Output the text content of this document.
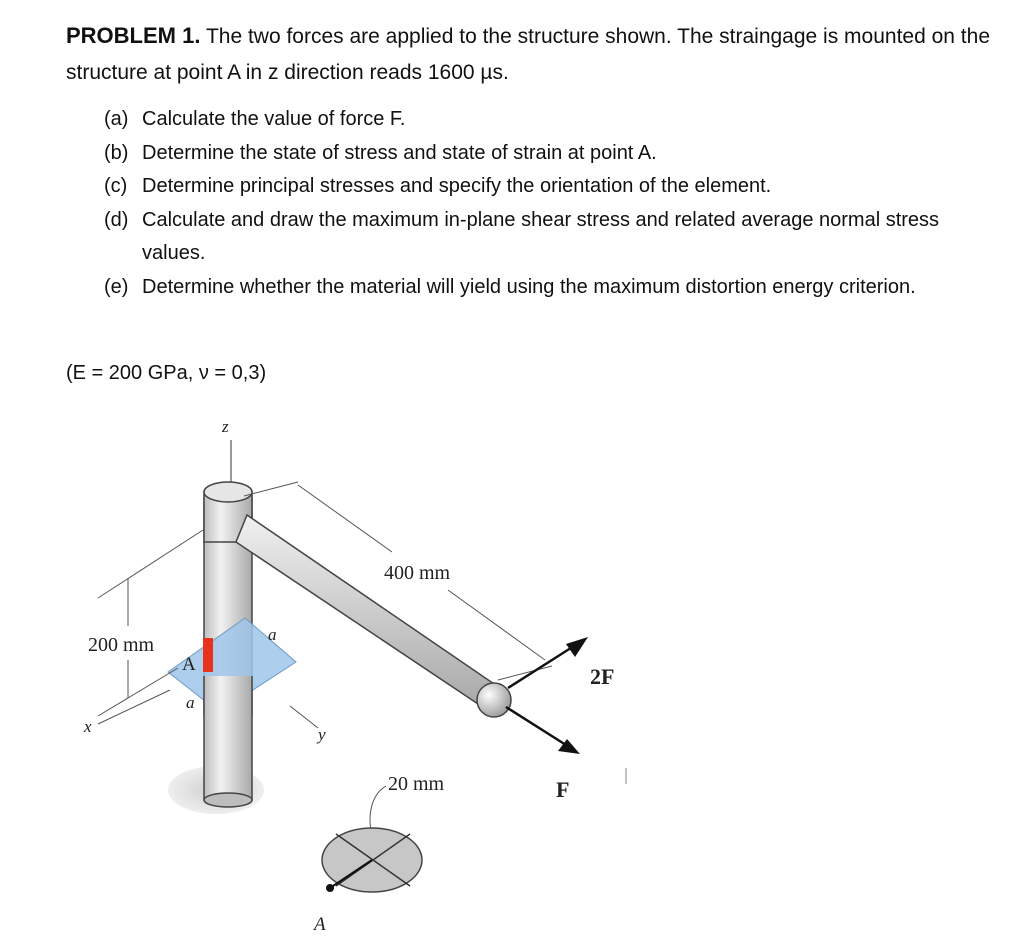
PROBLEM 1. The two forces are applied to the structure shown. The straingage is mounted on the structure at point A in z direction reads 1600 µs.
(a) Calculate the value of force F.
(b) Determine the state of stress and state of strain at point A.
(c) Determine principal stresses and specify the orientation of the element.
(d) Calculate and draw the maximum in-plane shear stress and related average normal stress values.
(e) Determine whether the material will yield using the maximum distortion energy criterion.
(E = 200 GPa, ν = 0,3)
z
400 mm
200 mm	a
A
a
x	y
2F
20 mm	F
A
